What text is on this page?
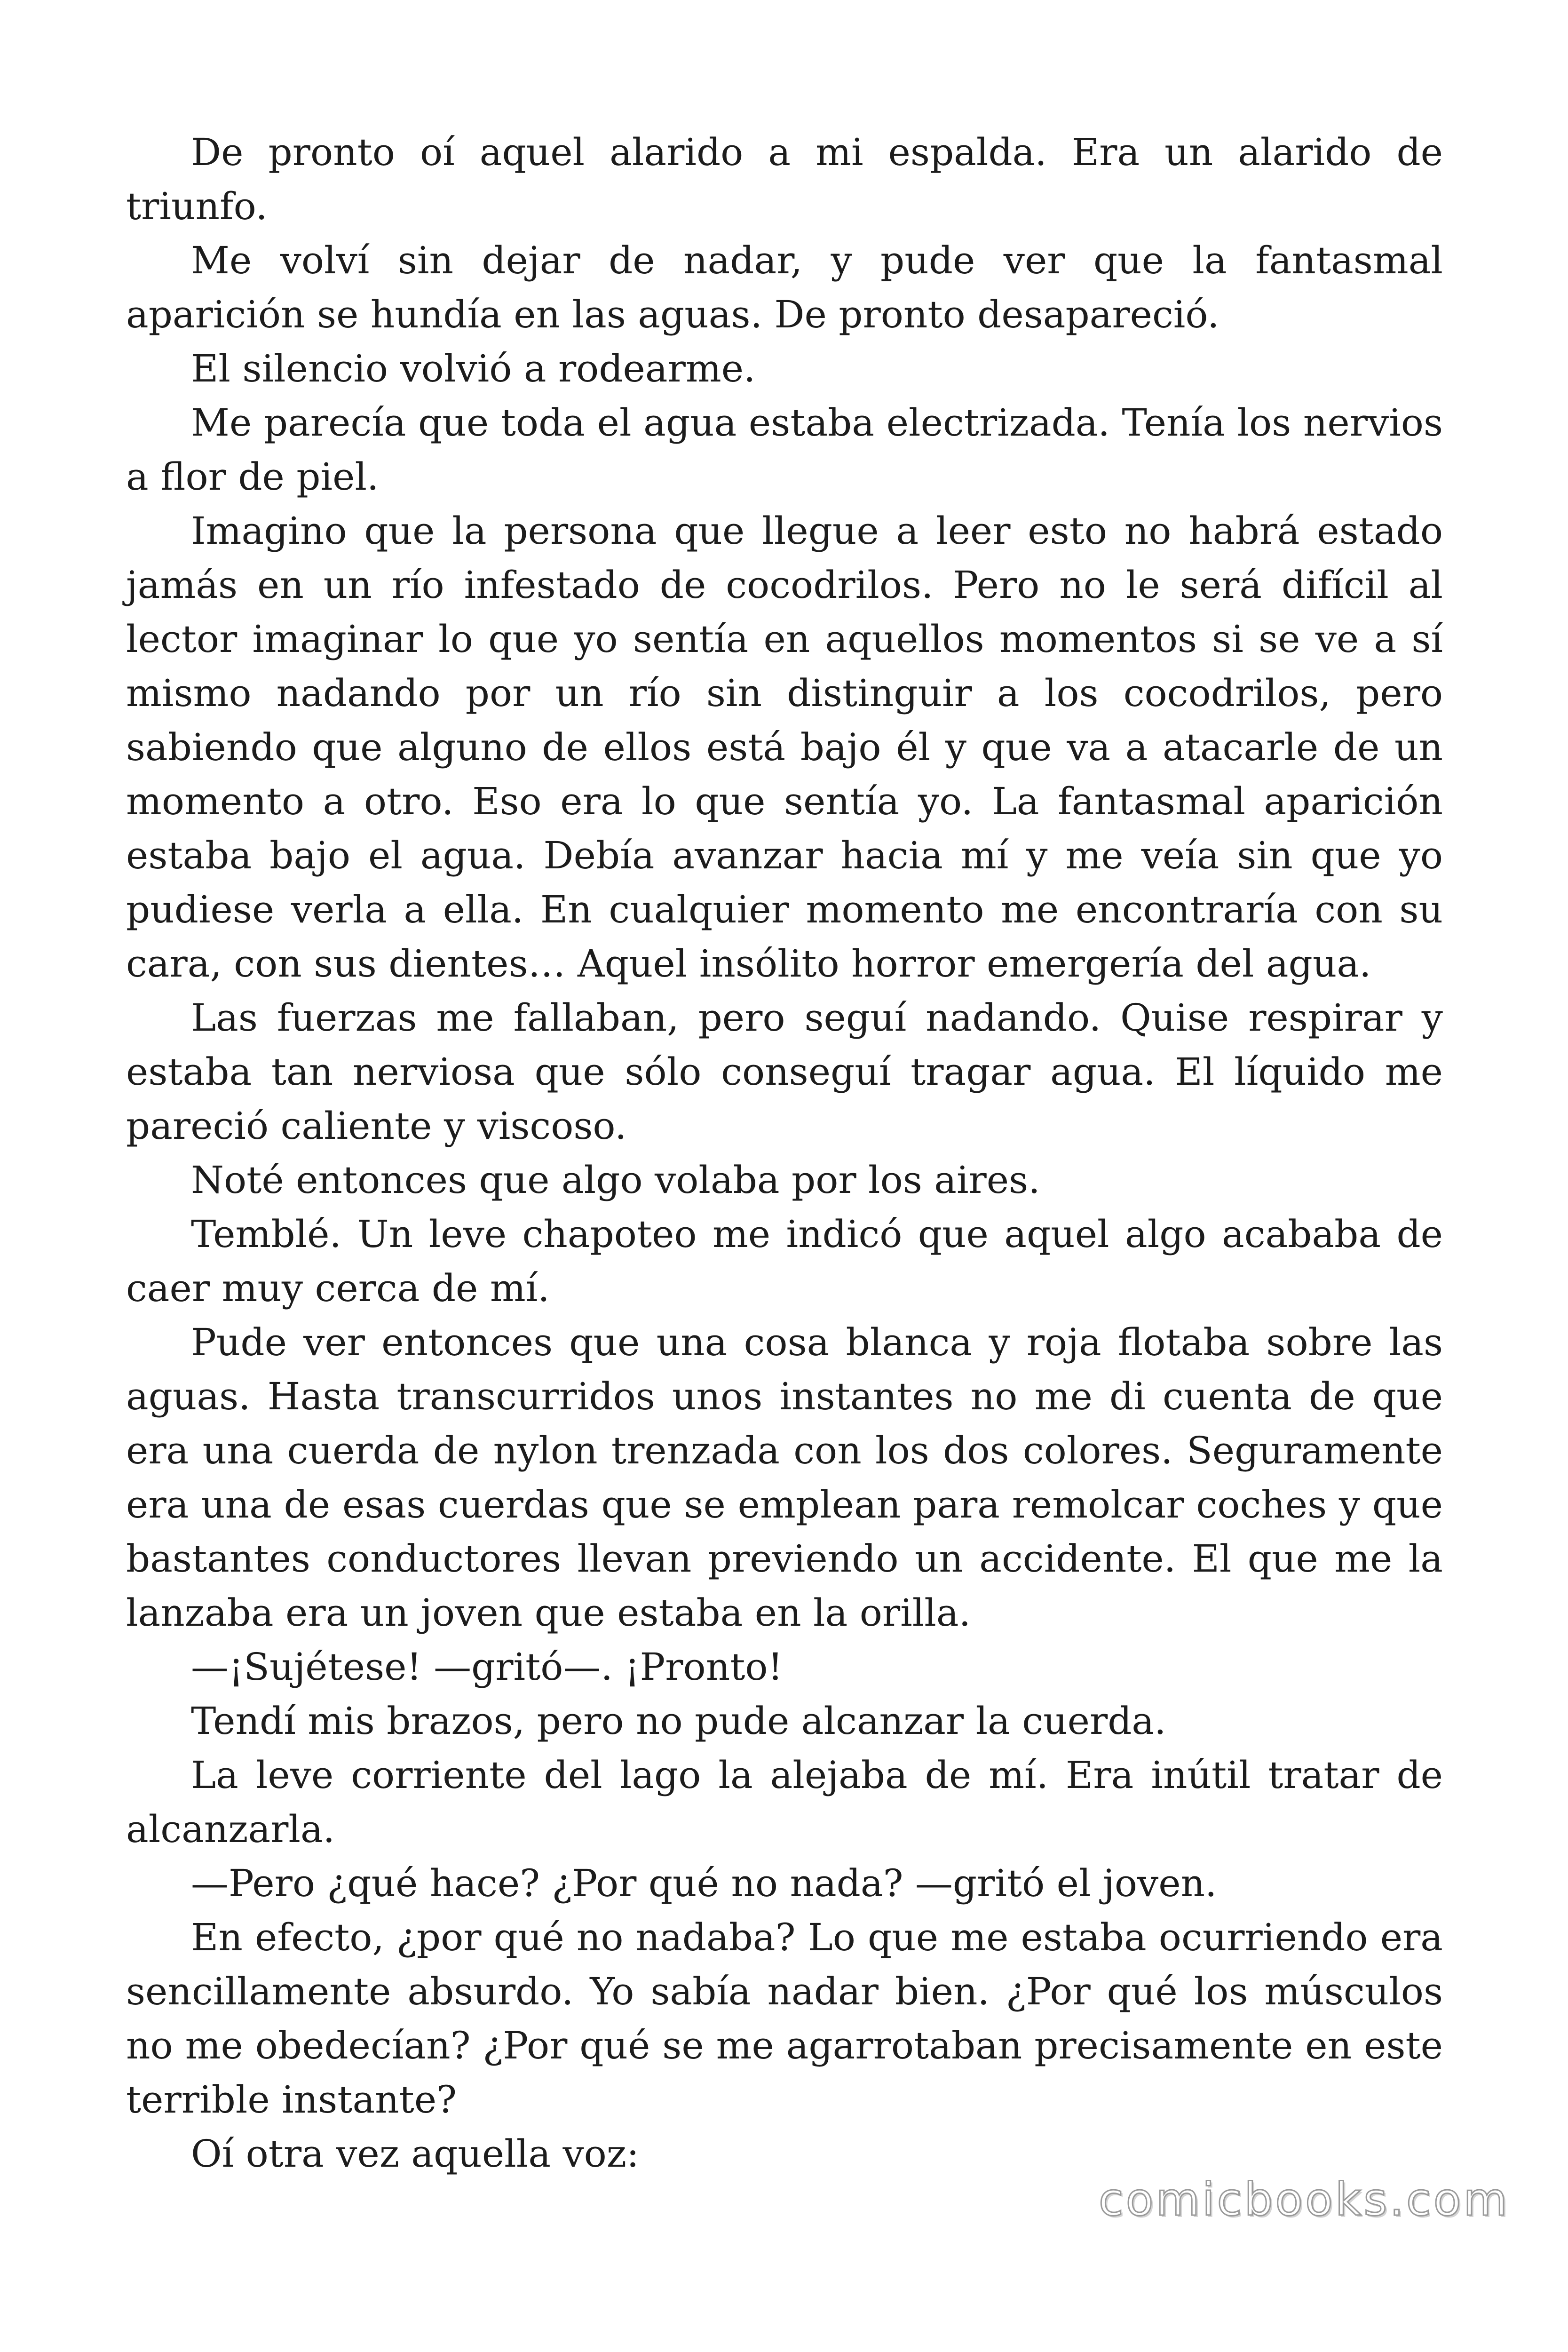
De pronto oí aquel alarido a mi espalda. Era un alarido de triunfo.

Me volví sin dejar de nadar, y pude ver que la fantasmal aparición se hundía en las aguas. De pronto desapareció.

El silencio volvió a rodearme.

Me parecía que toda el agua estaba electrizada. Tenía los nervios a flor de piel.

Imagino que la persona que llegue a leer esto no habrá estado jamás en un río infestado de cocodrilos. Pero no le será difícil al lector imaginar lo que yo sentía en aquellos momentos si se ve a sí mismo nadando por un río sin distinguir a los cocodrilos, pero sabiendo que alguno de ellos está bajo él y que va a atacarle de un momento a otro. Eso era lo que sentía yo. La fantasmal aparición estaba bajo el agua. Debía avanzar hacia mí y me veía sin que yo pudiese verla a ella. En cualquier momento me encontraría con su cara, con sus dientes… Aquel insólito horror emergería del agua.

Las fuerzas me fallaban, pero seguí nadando. Quise respirar y estaba tan nerviosa que sólo conseguí tragar agua. El líquido me pareció caliente y viscoso.

Noté entonces que algo volaba por los aires.

Temblé. Un leve chapoteo me indicó que aquel algo acababa de caer muy cerca de mí.

Pude ver entonces que una cosa blanca y roja flotaba sobre las aguas. Hasta transcurridos unos instantes no me di cuenta de que era una cuerda de nylon trenzada con los dos colores. Seguramente era una de esas cuerdas que se emplean para remolcar coches y que bastantes conductores llevan previendo un accidente. El que me la lanzaba era un joven que estaba en la orilla.

—¡Sujétese! —gritó—. ¡Pronto!

Tendí mis brazos, pero no pude alcanzar la cuerda.

La leve corriente del lago la alejaba de mí. Era inútil tratar de alcanzarla.

—Pero ¿qué hace? ¿Por qué no nada? —gritó el joven.

En efecto, ¿por qué no nadaba? Lo que me estaba ocurriendo era sencillamente absurdo. Yo sabía nadar bien. ¿Por qué los músculos no me obedecían? ¿Por qué se me agarrotaban precisamente en este terrible instante?

Oí otra vez aquella voz:

comicbooks.com
